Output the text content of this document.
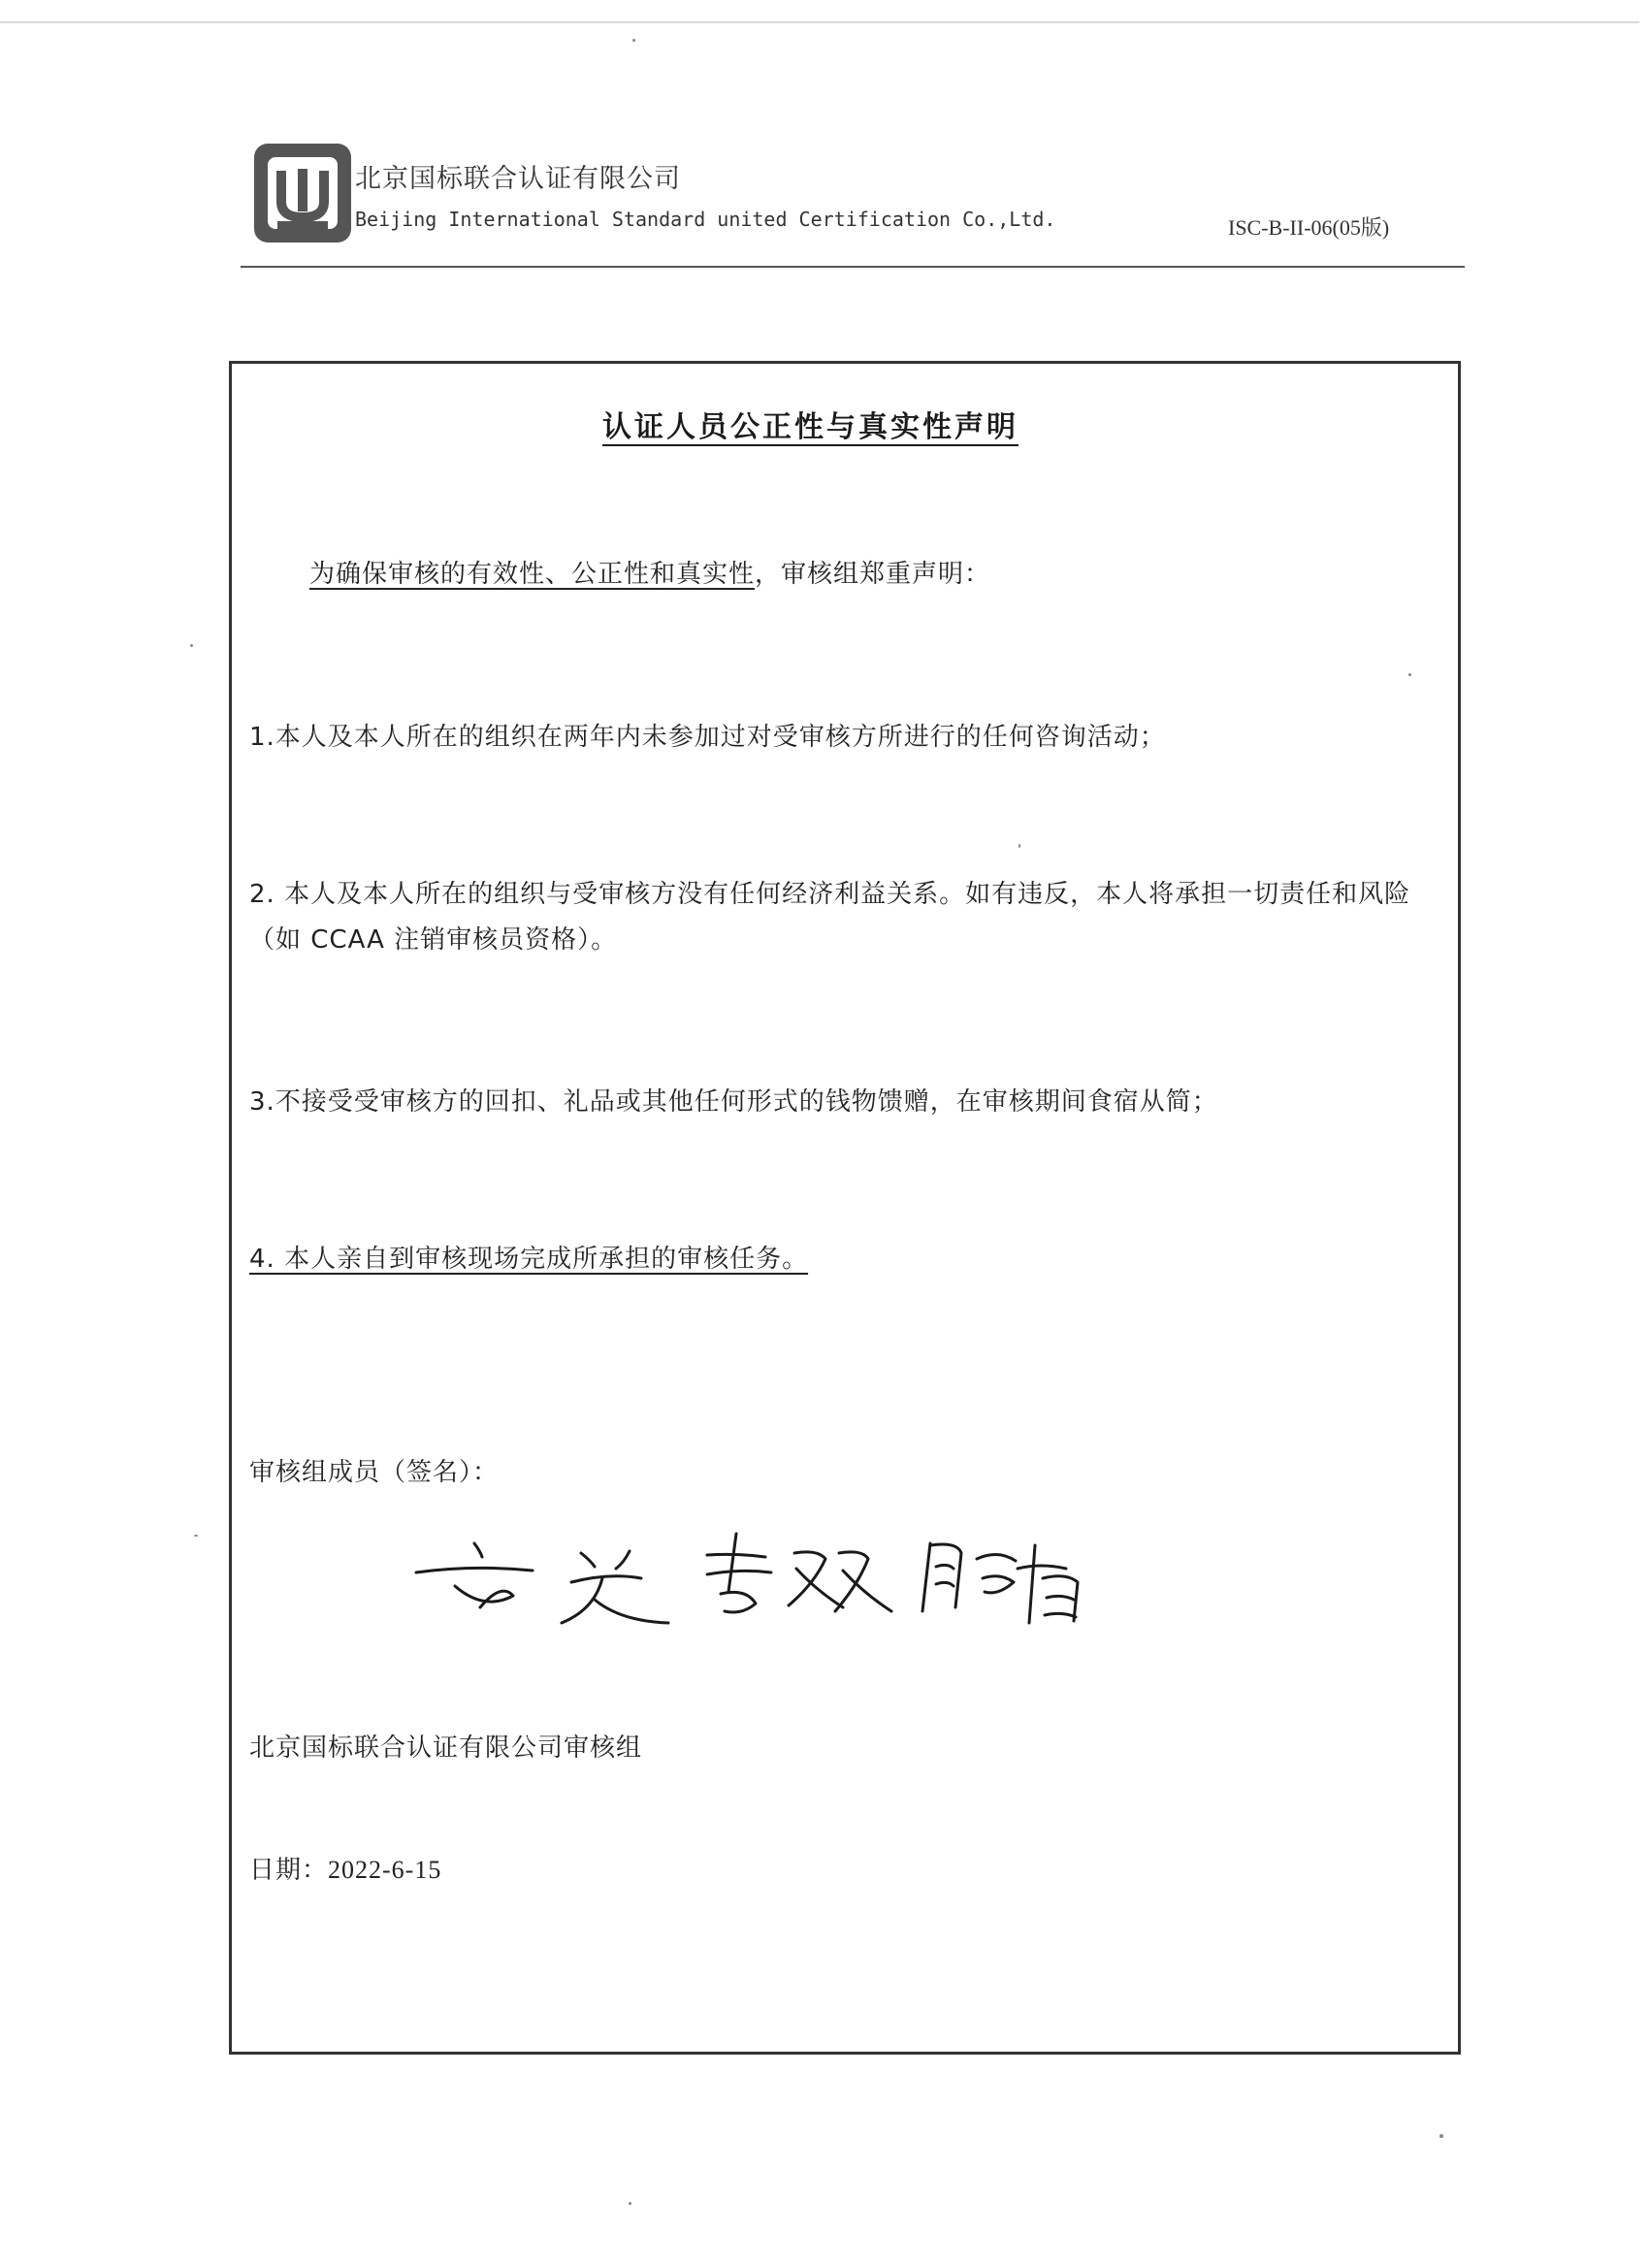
北京国标联合认证有限公司
Beijing International Standard united Certification Co.,Ltd.	ISC-B-II-06(05版)
认证人员公正性与真实性声明
为确保审核的有效性、公正性和真实性，审核组郑重声明：
1.本人及本人所在的组织在两年内未参加过对受审核方所进行的任何咨询活动；
2. 本人及本人所在的组织与受审核方没有任何经济利益关系。如有违反，本人将承担一切责任和风险（如 CCAA 注销审核员资格）。
3.不接受受审核方的回扣、礼品或其他任何形式的钱物馈赠，在审核期间食宿从简；
4. 本人亲自到审核现场完成所承担的审核任务。
审核组成员（签名）：
北京国标联合认证有限公司审核组
日期：2022-6-15
